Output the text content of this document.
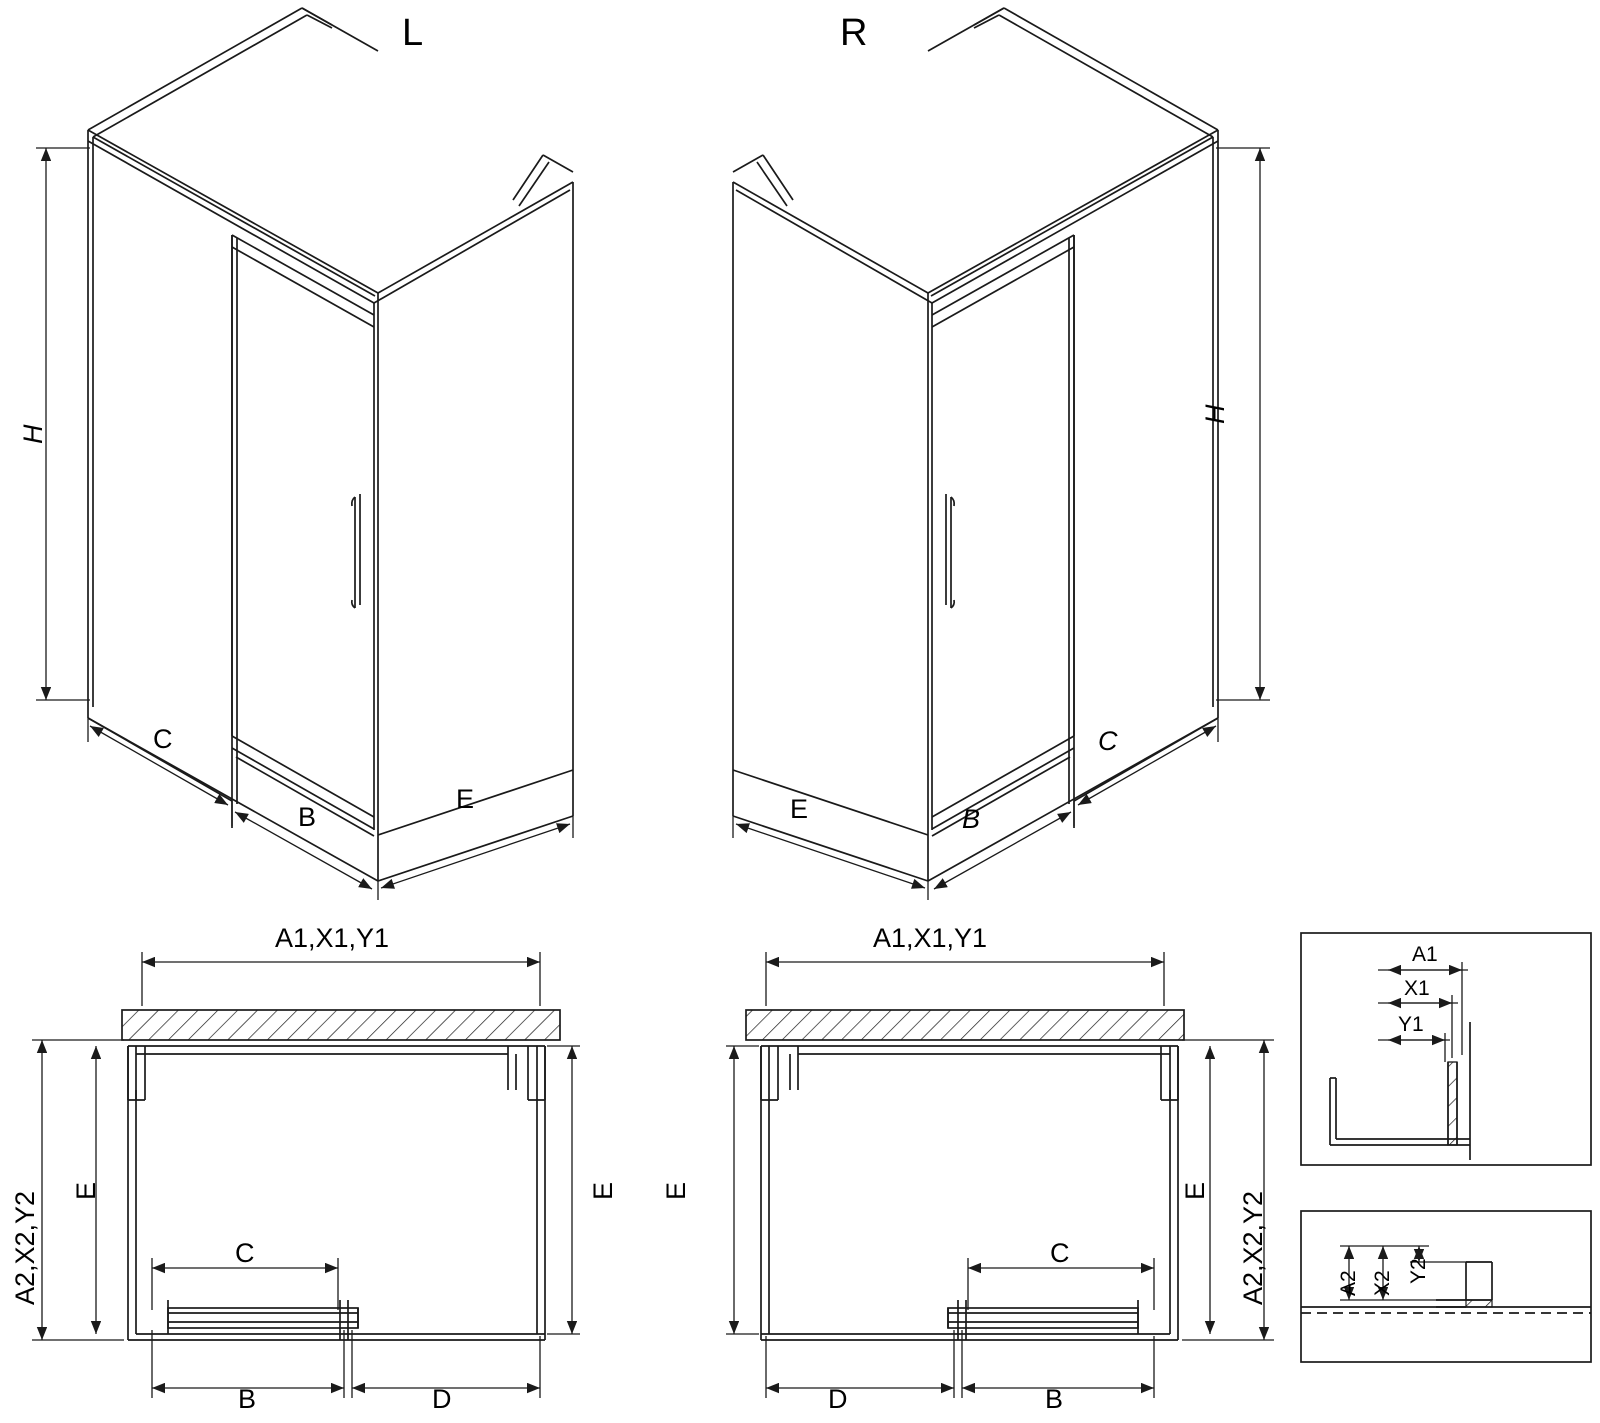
L	R
H
C
B
E
H
E	B
C
A1,X1,Y1
A2,X2,Y2 E	E
C
B	D
A1,X1,Y1
A2,X2,Y2
E	E
C
D	B
A1
X1
Y1
A2 X2 Y2
